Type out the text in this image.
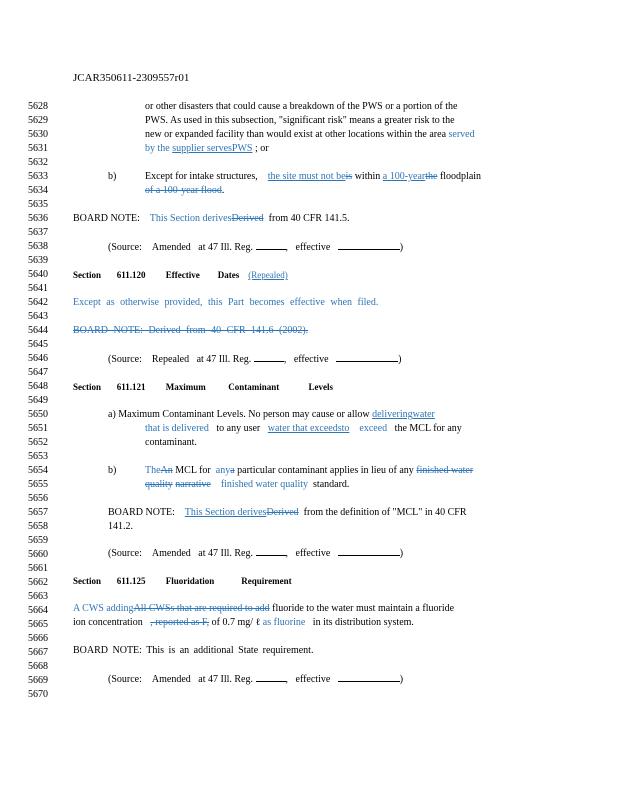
JCAR350611-2309557r01
5628
5629
5630
5631
5632
5633
5634
5635
5636
5637
5638
5639
5640
5641
5642
5643
5644
5645
5646
5647
5648
5649
5650
5651
5652
5653
5654
5655
5656
5657
5658
5659
5660
5661
5662
5663
5664
5665
5666
5667
5668
5669
5670
or other disasters that could cause a breakdown of the PWS or a portion of the
PWS. As used in this subsection, "significant risk" means a greater risk to the
new or expanded facility than would exist at other locations within the area served
by the supplier servesPWS ; or
b)	Except for intake structures, the site must not beis within a 100-yearthe floodplain
of a 100-year flood.
BOARD NOTE: This Section derivesDerived from 40 CFR 141.5.
(Source: Amended at 47 Ill. Reg.	,   effective	)
Section 611.120 Effective Dates (Repealed)
Except as otherwise provided, this Part becomes effective when filed.
BOARD NOTE: Derived from 40 CFR 141.6 (2002).
(Source: Repealed at 47 Ill. Reg.	,   effective	)
Section 611.121 Maximum	Contaminant	Levels
a) Maximum Contaminant Levels. No person may cause or allow deliveringwater
that is delivered to any user water that exceedsto exceed the MCL for any
contaminant.
b)	TheAn MCL for anya particular contaminant applies in lieu of any finished water
quality narrative finished water quality standard.
BOARD NOTE: This Section derivesDerived from the definition of "MCL" in 40 CFR
141.2.
(Source: Amended at 47 Ill. Reg.	,   effective	)
Section 611.125 Fluoridation	Requirement
A CWS addingAll CWSs that are required to add fluoride to the water must maintain a fluoride
ion concentration , reported as F, of 0.7 mg/ ℓ as fluorine in its distribution system.
BOARD NOTE: This is an additional State requirement.
(Source: Amended at 47 Ill. Reg.	,   effective	)
